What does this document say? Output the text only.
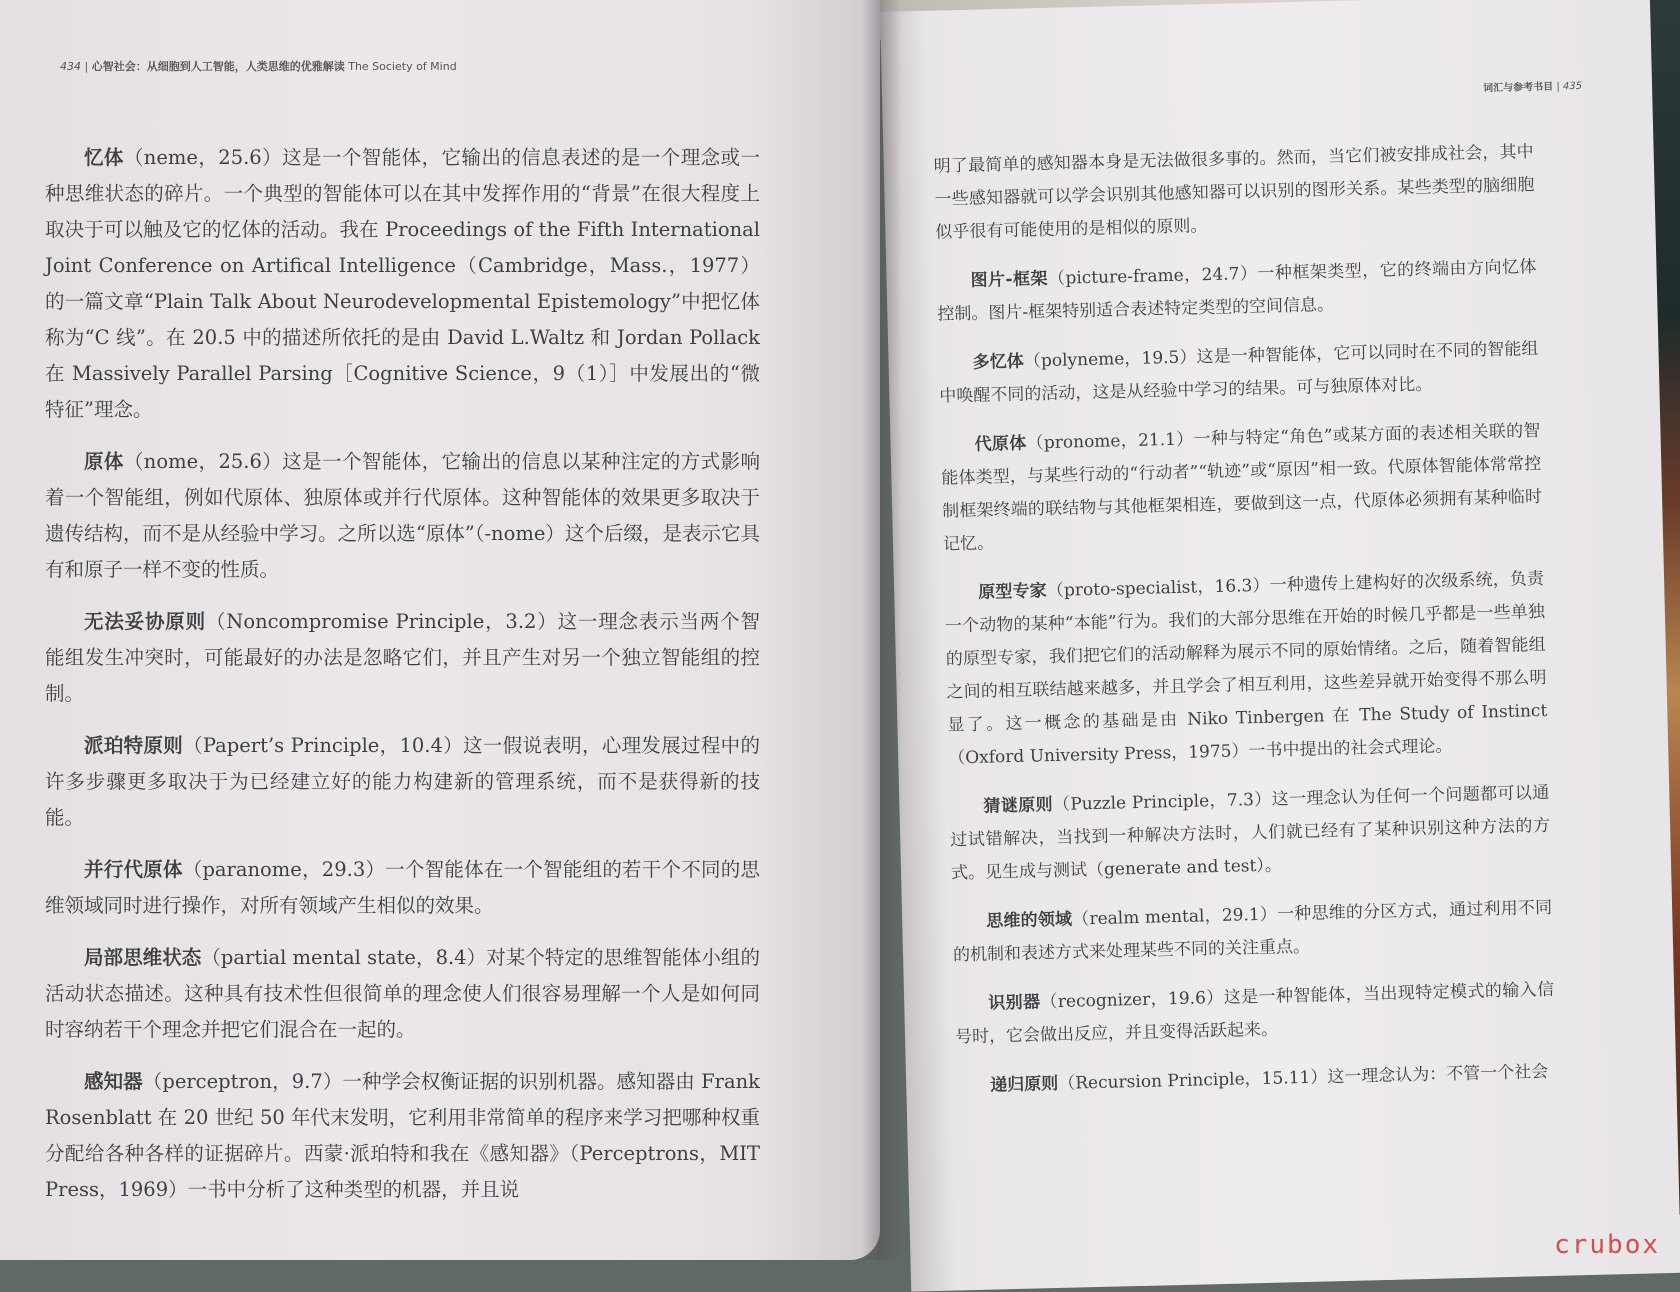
434 | 心智社会：从细胞到人工智能，人类思维的优雅解读 The Society of Mind

忆体（neme，25.6）这是一个智能体，它输出的信息表述的是一个理念或一种思维状态的碎片。一个典型的智能体可以在其中发挥作用的“背景”在很大程度上取决于可以触及它的忆体的活动。我在 Proceedings of the Fifth International Joint Conference on Artifical Intelligence（Cambridge，Mass.，1977）的一篇文章“Plain Talk About Neurodevelopmental Epistemology”中把忆体称为“C 线”。在 20.5 中的描述所依托的是由 David L.Waltz 和 Jordan Pollack 在 Massively Parallel Parsing［Cognitive Science，9（1）］中发展出的“微特征”理念。

原体（nome，25.6）这是一个智能体，它输出的信息以某种注定的方式影响着一个智能组，例如代原体、独原体或并行代原体。这种智能体的效果更多取决于遗传结构，而不是从经验中学习。之所以选“原体”（-nome）这个后缀，是表示它具有和原子一样不变的性质。

无法妥协原则（Noncompromise Principle，3.2）这一理念表示当两个智能组发生冲突时，可能最好的办法是忽略它们，并且产生对另一个独立智能组的控制。

派珀特原则（Papert’s Principle，10.4）这一假说表明，心理发展过程中的许多步骤更多取决于为已经建立好的能力构建新的管理系统，而不是获得新的技能。

并行代原体（paranome，29.3）一个智能体在一个智能组的若干个不同的思维领域同时进行操作，对所有领域产生相似的效果。

局部思维状态（partial mental state，8.4）对某个特定的思维智能体小组的活动状态描述。这种具有技术性但很简单的理念使人们很容易理解一个人是如何同时容纳若干个理念并把它们混合在一起的。

感知器（perceptron，9.7）一种学会权衡证据的识别机器。感知器由 Frank Rosenblatt 在 20 世纪 50 年代末发明，它利用非常简单的程序来学习把哪种权重分配给各种各样的证据碎片。西蒙·派珀特和我在《感知器》（Perceptrons，MIT Press，1969）一书中分析了这种类型的机器，并且说

词汇与参考书目 | 435

明了最简单的感知器本身是无法做很多事的。然而，当它们被安排成社会，其中一些感知器就可以学会识别其他感知器可以识别的图形关系。某些类型的脑细胞似乎很有可能使用的是相似的原则。

图片-框架（picture-frame，24.7）一种框架类型，它的终端由方向忆体控制。图片-框架特别适合表述特定类型的空间信息。

多忆体（polyneme，19.5）这是一种智能体，它可以同时在不同的智能组中唤醒不同的活动，这是从经验中学习的结果。可与独原体对比。

代原体（pronome，21.1）一种与特定“角色”或某方面的表述相关联的智能体类型，与某些行动的“行动者”“轨迹”或“原因”相一致。代原体智能体常常控制框架终端的联结物与其他框架相连，要做到这一点，代原体必须拥有某种临时记忆。

原型专家（proto-specialist，16.3）一种遗传上建构好的次级系统，负责一个动物的某种“本能”行为。我们的大部分思维在开始的时候几乎都是一些单独的原型专家，我们把它们的活动解释为展示不同的原始情绪。之后，随着智能组之间的相互联结越来越多，并且学会了相互利用，这些差异就开始变得不那么明显了。这一概念的基础是由 Niko Tinbergen 在 The Study of Instinct（Oxford University Press，1975）一书中提出的社会式理论。

猜谜原则（Puzzle Principle，7.3）这一理念认为任何一个问题都可以通过试错解决，当找到一种解决方法时，人们就已经有了某种识别这种方法的方式。见生成与测试（generate and test）。

思维的领域（realm mental，29.1）一种思维的分区方式，通过利用不同的机制和表述方式来处理某些不同的关注重点。

识别器（recognizer，19.6）这是一种智能体，当出现特定模式的输入信号时，它会做出反应，并且变得活跃起来。

递归原则（Recursion Principle，15.11）这一理念认为：不管一个社会

crubox
